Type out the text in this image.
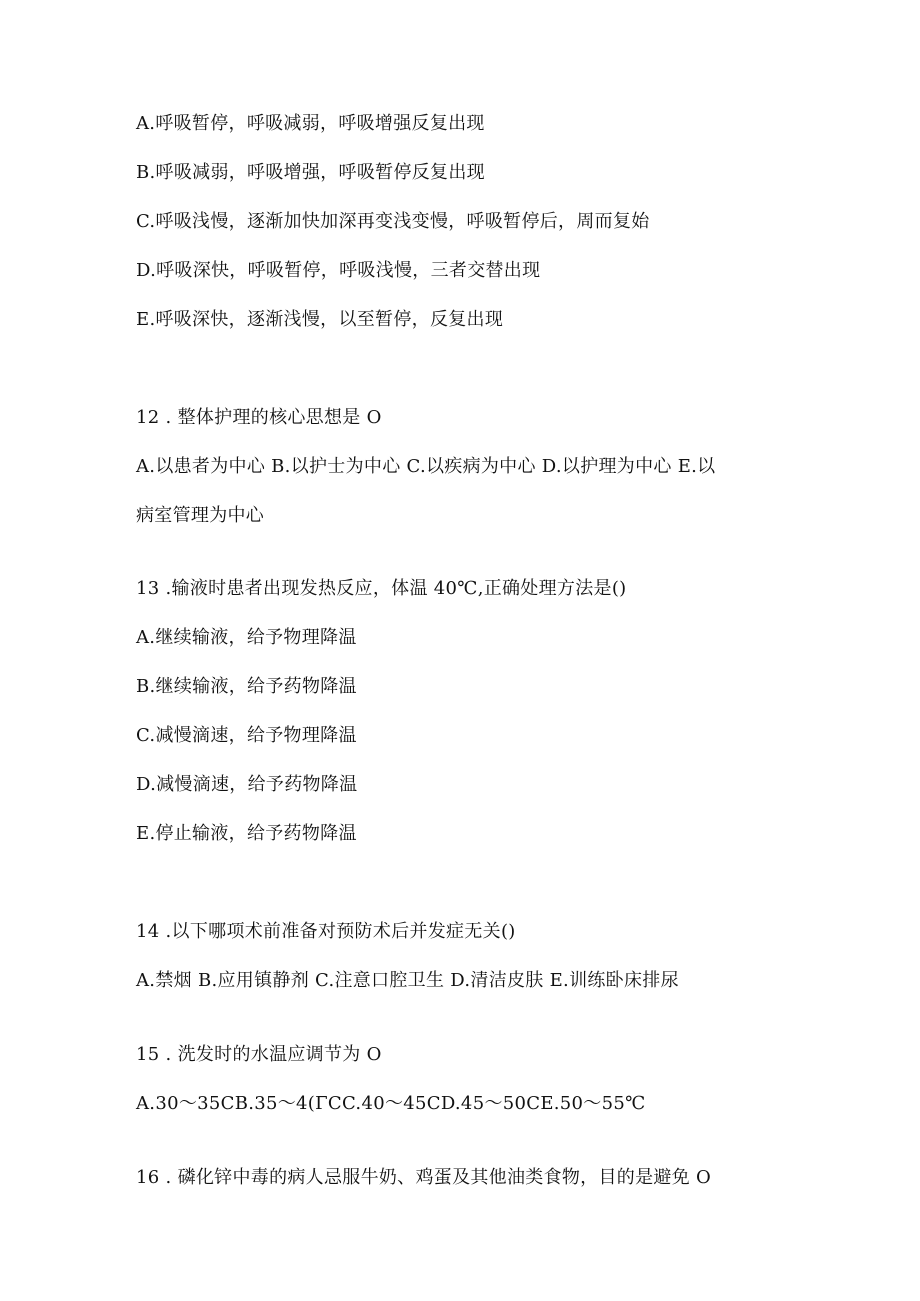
A.呼吸暂停，呼吸减弱，呼吸增强反复出现
B.呼吸减弱，呼吸增强，呼吸暂停反复出现
C.呼吸浅慢，逐渐加快加深再变浅变慢，呼吸暂停后，周而复始
D.呼吸深快，呼吸暂停，呼吸浅慢，三者交替出现
E.呼吸深快，逐渐浅慢，以至暂停，反复出现
12 . 整体护理的核心思想是 O
A.以患者为中心 B.以护士为中心 C.以疾病为中心 D.以护理为中心 E.以
病室管理为中心
13 .输液时患者出现发热反应，体温 40℃,正确处理方法是()
A.继续输液，给予物理降温
B.继续输液，给予药物降温
C.减慢滴速，给予物理降温
D.减慢滴速，给予药物降温
E.停止输液，给予药物降温
14 .以下哪项术前准备对预防术后并发症无关()
A.禁烟 B.应用镇静剂 C.注意口腔卫生 D.清洁皮肤 E.训练卧床排尿
15 . 洗发时的水温应调节为 O
A.30～35CB.35～4(ΓCC.40～45CD.45～50CE.50～55℃
16 . 磷化锌中毒的病人忌服牛奶、鸡蛋及其他油类食物，目的是避免 O
